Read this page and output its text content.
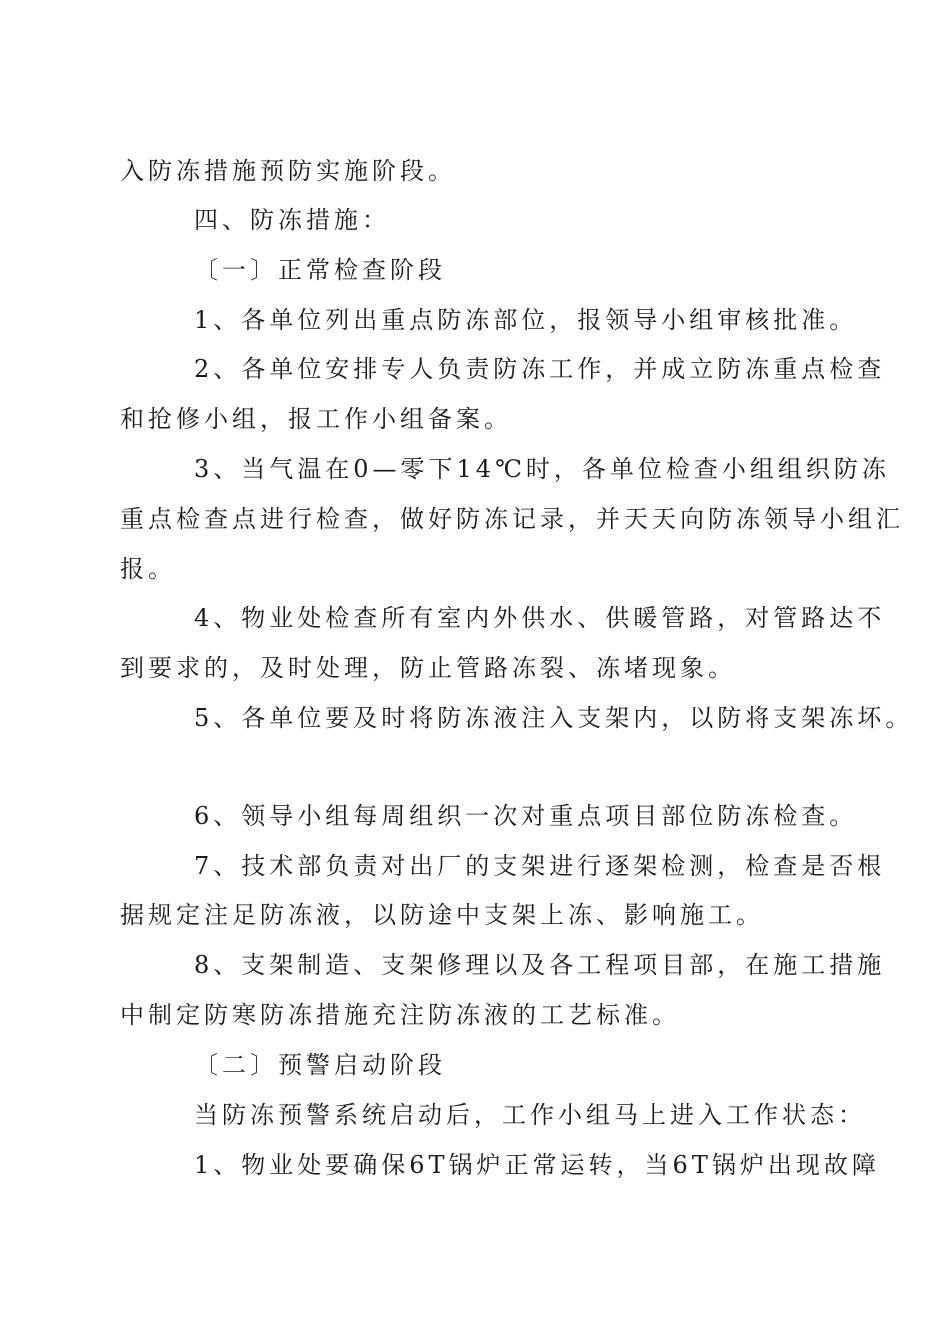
入防冻措施预防实施阶段。
四、防冻措施：
〔一〕正常检查阶段
1、各单位列出重点防冻部位，报领导小组审核批准。
2、各单位安排专人负责防冻工作，并成立防冻重点检查
和抢修小组，报工作小组备案。
3、当气温在0—零下14℃时，各单位检查小组组织防冻
重点检查点进行检查，做好防冻记录，并天天向防冻领导小组汇
报。
4、物业处检查所有室内外供水、供暖管路，对管路达不
到要求的，及时处理，防止管路冻裂、冻堵现象。
5、各单位要及时将防冻液注入支架内，以防将支架冻坏。
6、领导小组每周组织一次对重点项目部位防冻检查。
7、技术部负责对出厂的支架进行逐架检测，检查是否根
据规定注足防冻液，以防途中支架上冻、影响施工。
8、支架制造、支架修理以及各工程项目部，在施工措施
中制定防寒防冻措施充注防冻液的工艺标准。
〔二〕预警启动阶段
当防冻预警系统启动后，工作小组马上进入工作状态：
1、物业处要确保6T锅炉正常运转，当6T锅炉出现故障
